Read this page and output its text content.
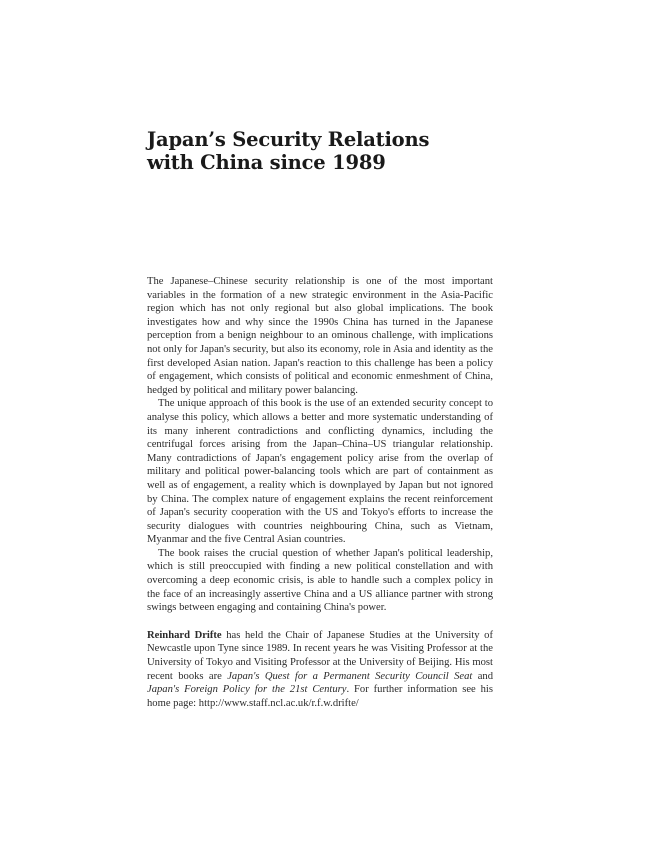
Japan’s Security Relations
with China since 1989

The Japanese–Chinese security relationship is one of the most important variables in the formation of a new strategic environment in the Asia-Pacific region which has not only regional but also global implications. The book investigates how and why since the 1990s China has turned in the Japanese perception from a benign neighbour to an ominous challenge, with implications not only for Japan's security, but also its economy, role in Asia and identity as the first developed Asian nation. Japan's reaction to this challenge has been a policy of engagement, which consists of political and economic enmeshment of China, hedged by political and military power balancing.

The unique approach of this book is the use of an extended security concept to analyse this policy, which allows a better and more systematic understanding of its many inherent contradictions and conflicting dynamics, including the centrifugal forces arising from the Japan–China–US triangular relationship. Many contradictions of Japan's engagement policy arise from the overlap of military and political power-balancing tools which are part of containment as well as of engagement, a reality which is downplayed by Japan but not ignored by China. The complex nature of engagement explains the recent reinforcement of Japan's security cooperation with the US and Tokyo's efforts to increase the security dialogues with countries neighbouring China, such as Vietnam, Myanmar and the five Central Asian countries.

The book raises the crucial question of whether Japan's political leadership, which is still preoccupied with finding a new political constellation and with overcoming a deep economic crisis, is able to handle such a complex policy in the face of an increasingly assertive China and a US alliance partner with strong swings between engaging and containing China's power.

Reinhard Drifte has held the Chair of Japanese Studies at the University of Newcastle upon Tyne since 1989. In recent years he was Visiting Professor at the University of Tokyo and Visiting Professor at the University of Beijing. His most recent books are Japan's Quest for a Permanent Security Council Seat and Japan's Foreign Policy for the 21st Century. For further information see his home page: http://www.staff.ncl.ac.uk/r.f.w.drifte/
